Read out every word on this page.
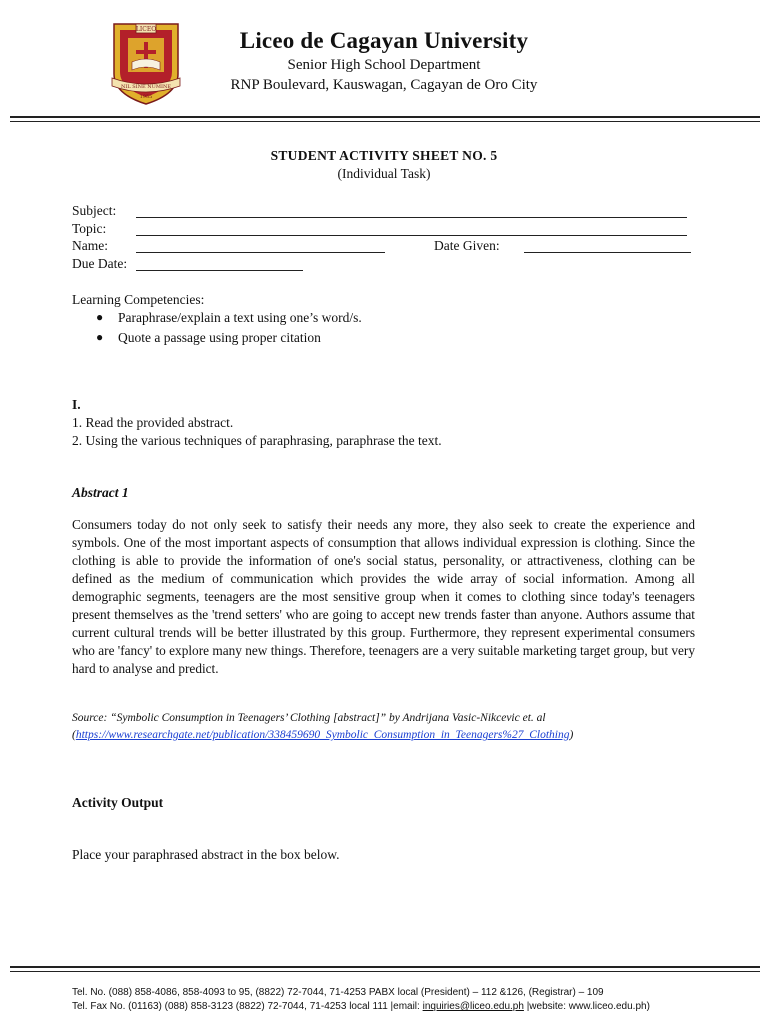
LICEO
NIL SINE NUMINE
1955
Liceo de Cagayan University
Senior High School Department
RNP Boulevard, Kauswagan, Cagayan de Oro City
STUDENT ACTIVITY SHEET NO. 5
(Individual Task)
Subject:
Topic:
Name:	Date Given:
Due Date:
Learning Competencies:
● Paraphrase/explain a text using one’s word/s.
● Quote a passage using proper citation
I.
1. Read the provided abstract.
2. Using the various techniques of paraphrasing, paraphrase the text.
Abstract 1
Consumers today do not only seek to satisfy their needs any more, they also seek to create the experience and symbols. One of the most important aspects of consumption that allows individual expression is clothing. Since the clothing is able to provide the information of one's social status, personality, or attractiveness, clothing can be defined as the medium of communication which provides the wide array of social information. Among all demographic segments, teenagers are the most sensitive group when it comes to clothing since today's teenagers present themselves as the 'trend setters' who are going to accept new trends faster than anyone. Authors assume that current cultural trends will be better illustrated by this group. Furthermore, they represent experimental consumers who are 'fancy' to explore many new things. Therefore, teenagers are a very suitable marketing target group, but very hard to analyse and predict.
Source: “Symbolic Consumption in Teenagers’ Clothing [abstract]” by Andrijana Vasic-Nikcevic et. al
(https://www.researchgate.net/publication/338459690_Symbolic_Consumption_in_Teenagers%27_Clothing)
Activity Output
Place your paraphrased abstract in the box below.
Tel. No. (088) 858-4086, 858-4093 to 95, (8822) 72-7044, 71-4253 PABX local (President) – 112 &126, (Registrar) – 109
Tel. Fax No. (01163) (088) 858-3123 (8822) 72-7044, 71-4253 local 111 |email: inquiries@liceo.edu.ph |website: www.liceo.edu.ph)
